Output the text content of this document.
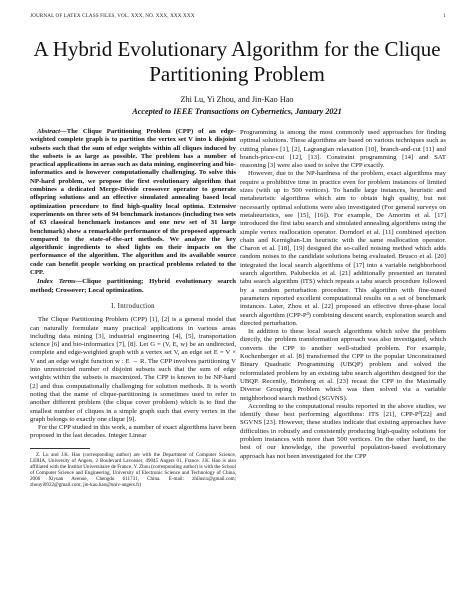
JOURNAL OF LATEX CLASS FILES, VOL. XXX, NO. XXX, XXX XXX	1
A Hybrid Evolutionary Algorithm for the Clique Partitioning Problem
Zhi Lu, Yi Zhou, and Jin-Kao Hao
Accepted to IEEE Transactions on Cybernetics, January 2021

Abstract—The Clique Partitioning Problem (CPP) of an edge-weighted complete graph is to partition the vertex set V into k disjoint subsets such that the sum of edge weights within all cliques induced by the subsets is as large as possible. The problem has a number of practical applications in areas such as data mining, engineering and bio-informatics and is however computationally challenging. To solve this NP-hard problem, we propose the first evolutionary algorithm that combines a dedicated Merge-Divide crossover operator to generate offspring solutions and an effective simulated annealing based local optimization procedure to find high-quality local optima. Extensive experiments on three sets of 94 benchmark instances (including two sets of 63 classical benchmark instances and one new set of 31 large benchmark) show a remarkable performance of the proposed approach compared to the state-of-the-art methods. We analyze the key algorithmic ingredients to shed lights on their impacts on the performance of the algorithm. The algorithm and its available source code can benefit people working on practical problems related to the CPP.

Index Terms—Clique partitioning; Hybrid evolutionary search method; Crossover; Local optimization.

I. Introduction

The Clique Partitioning Problem (CPP) [1], [2] is a general model that can naturally formulate many practical applications in various areas including data mining [3], industrial engineering [4], [5], transportation science [6] and bio-informatics [7], [8]. Let G = (V, E, w) be an undirected, complete and edge-weighted graph with a vertex set V, an edge set E = V × V and an edge weight function w : E → R. The CPP involves partitioning V into unrestricted number of disjoint subsets such that the sum of edge weights within the subsets is maximized. The CPP is known to be NP-hard [2] and thus computationally challenging for solution methods. It is worth noting that the name of clique-partitioning is sometimes used to refer to another different problem (the clique cover problem) which is to find the smallest number of cliques in a simple graph such that every vertex in the graph belongs to exactly one clique [9].

For the CPP studied in this work, a number of exact algorithms have been proposed in the last decades. Integer Linear

Z. Lu and J.K. Hao (corresponding author) are with the Department of Computer Science, LERIA, University of Angers, 2 Boulevard Lavoisier, 49045 Angers 01, France. J.K. Hao is also affiliated with the Institut Universitaire de France. Y. Zhou (corresponding author) is with the School of Computer Science and Engineering, University of Electronic Science and Technology of China, 2006 Xiyuan Avenue, Chengdu 611731, China. E-mail: zhilusix@gmail.com; zhouyi0922@gmail.com; jin-kao.hao@univ-angers.fr)

Programming is among the most commonly used approaches for finding optimal solutions. These algorithms are based on various techniques such as cutting planes [1], [2], Lagrangian relaxation [10], branch-and-cut [11] and branch-price-cut [12], [13]. Constraint programming [14] and SAT reasoning [3] were also used to solve the CPP exactly.

However, due to the NP-hardness of the problem, exact algorithms may require a prohibitive time in practice even for problem instances of limited sizes (with up to 500 vertices). To handle large instances, heuristic and metaheuristic algorithms which aim to obtain high quality, but not necessarily optimal solutions were also investigated (For general surveys on metaheuristics, see [15], [16]). For example, De Amorim et al. [17] introduced the first tabu search and simulated annealing algorithms using the simple vertex reallocation operator. Dorndorf et al. [11] combined ejection chain and Kernighan-Lin heuristic with the same reallocation operator. Charon et al. [18], [19] designed the so-called noising method which adds random noises to the candidate solutions being evaluated. Brusco et al. [20] integrated the local search algorithms of [17] into a variable neighborhood search algorithm. Palubeckis et al. [21] additionally presented an iterated tabu search algorithm (ITS) which repeats a tabu search procedure followed by a random perturbation procedure. This algorithm with fine-tuned parameters reported excellent computational results on a set of benchmark instances. Later, Zhou et al. [22] proposed an effective three-phase local search algorithm (CPP-P³) combining descent search, exploration search and directed perturbation.

In addition to these local search algorithms which solve the problem directly, the problem transformation approach was also investigated, which converts the CPP to another well-studied problem. For example, Kochenberger et al. [8] transformed the CPP to the popular Unconstrained Binary Quadratic Programming (UBQP) problem and solved the reformulated problem by an existing tabu search algorithm designed for the UBQP. Recently, Brimberg et al. [23] recast the CPP to the Maximally Diverse Grouping Problem which was then solved via a variable neighborhood search method (SGVNS).

According to the computational results reported in the above studies, we identify these best performing algorithms: ITS [21], CPP-P³[22] and SGVNS [23]. However, these studies indicate that existing approaches have difficulties in robustly and consistently producing high-quality solutions for problem instances with more than 500 vertices. On the other hand, to the best of our knowledge, the powerful population-based evolutionary approach has not been investigated for the CPP
